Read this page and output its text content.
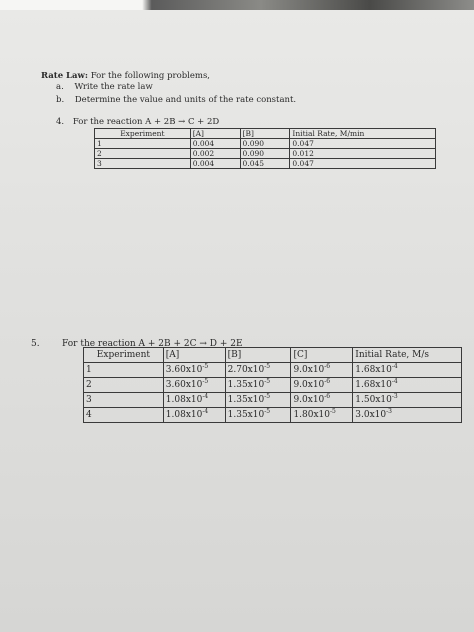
Rate Law: For the following problems,
a. Write the rate law
b. Determine the value and units of the rate constant.
4. For the reaction A + 2B → C + 2D
Experiment	[A]	[B]	Initial Rate, M/min
1	0.004	0.090	0.047
2	0.002	0.090	0.012
3	0.004	0.045	0.047
5. For the reaction A + 2B + 2C → D + 2E
Experiment	[A]	[B]	[C]	Initial Rate, M/s
1	$3.60x10^{-5}$	$2.70x10^{-5}$	$9.0x10^{-6}$	$1.68x10^{-4}$
2	$3.60x10^{-5}$	$1.35x10^{-5}$	$9.0x10^{-6}$	$1.68x10^{-4}$
3	$1.08x10^{-4}$	$1.35x10^{-5}$	$9.0x10^{-6}$	$1.50x10^{-3}$
4	$1.08x10^{-4}$	$1.35x10^{-5}$	$1.80x10^{-5}$	$3.0x10^{-3}$
